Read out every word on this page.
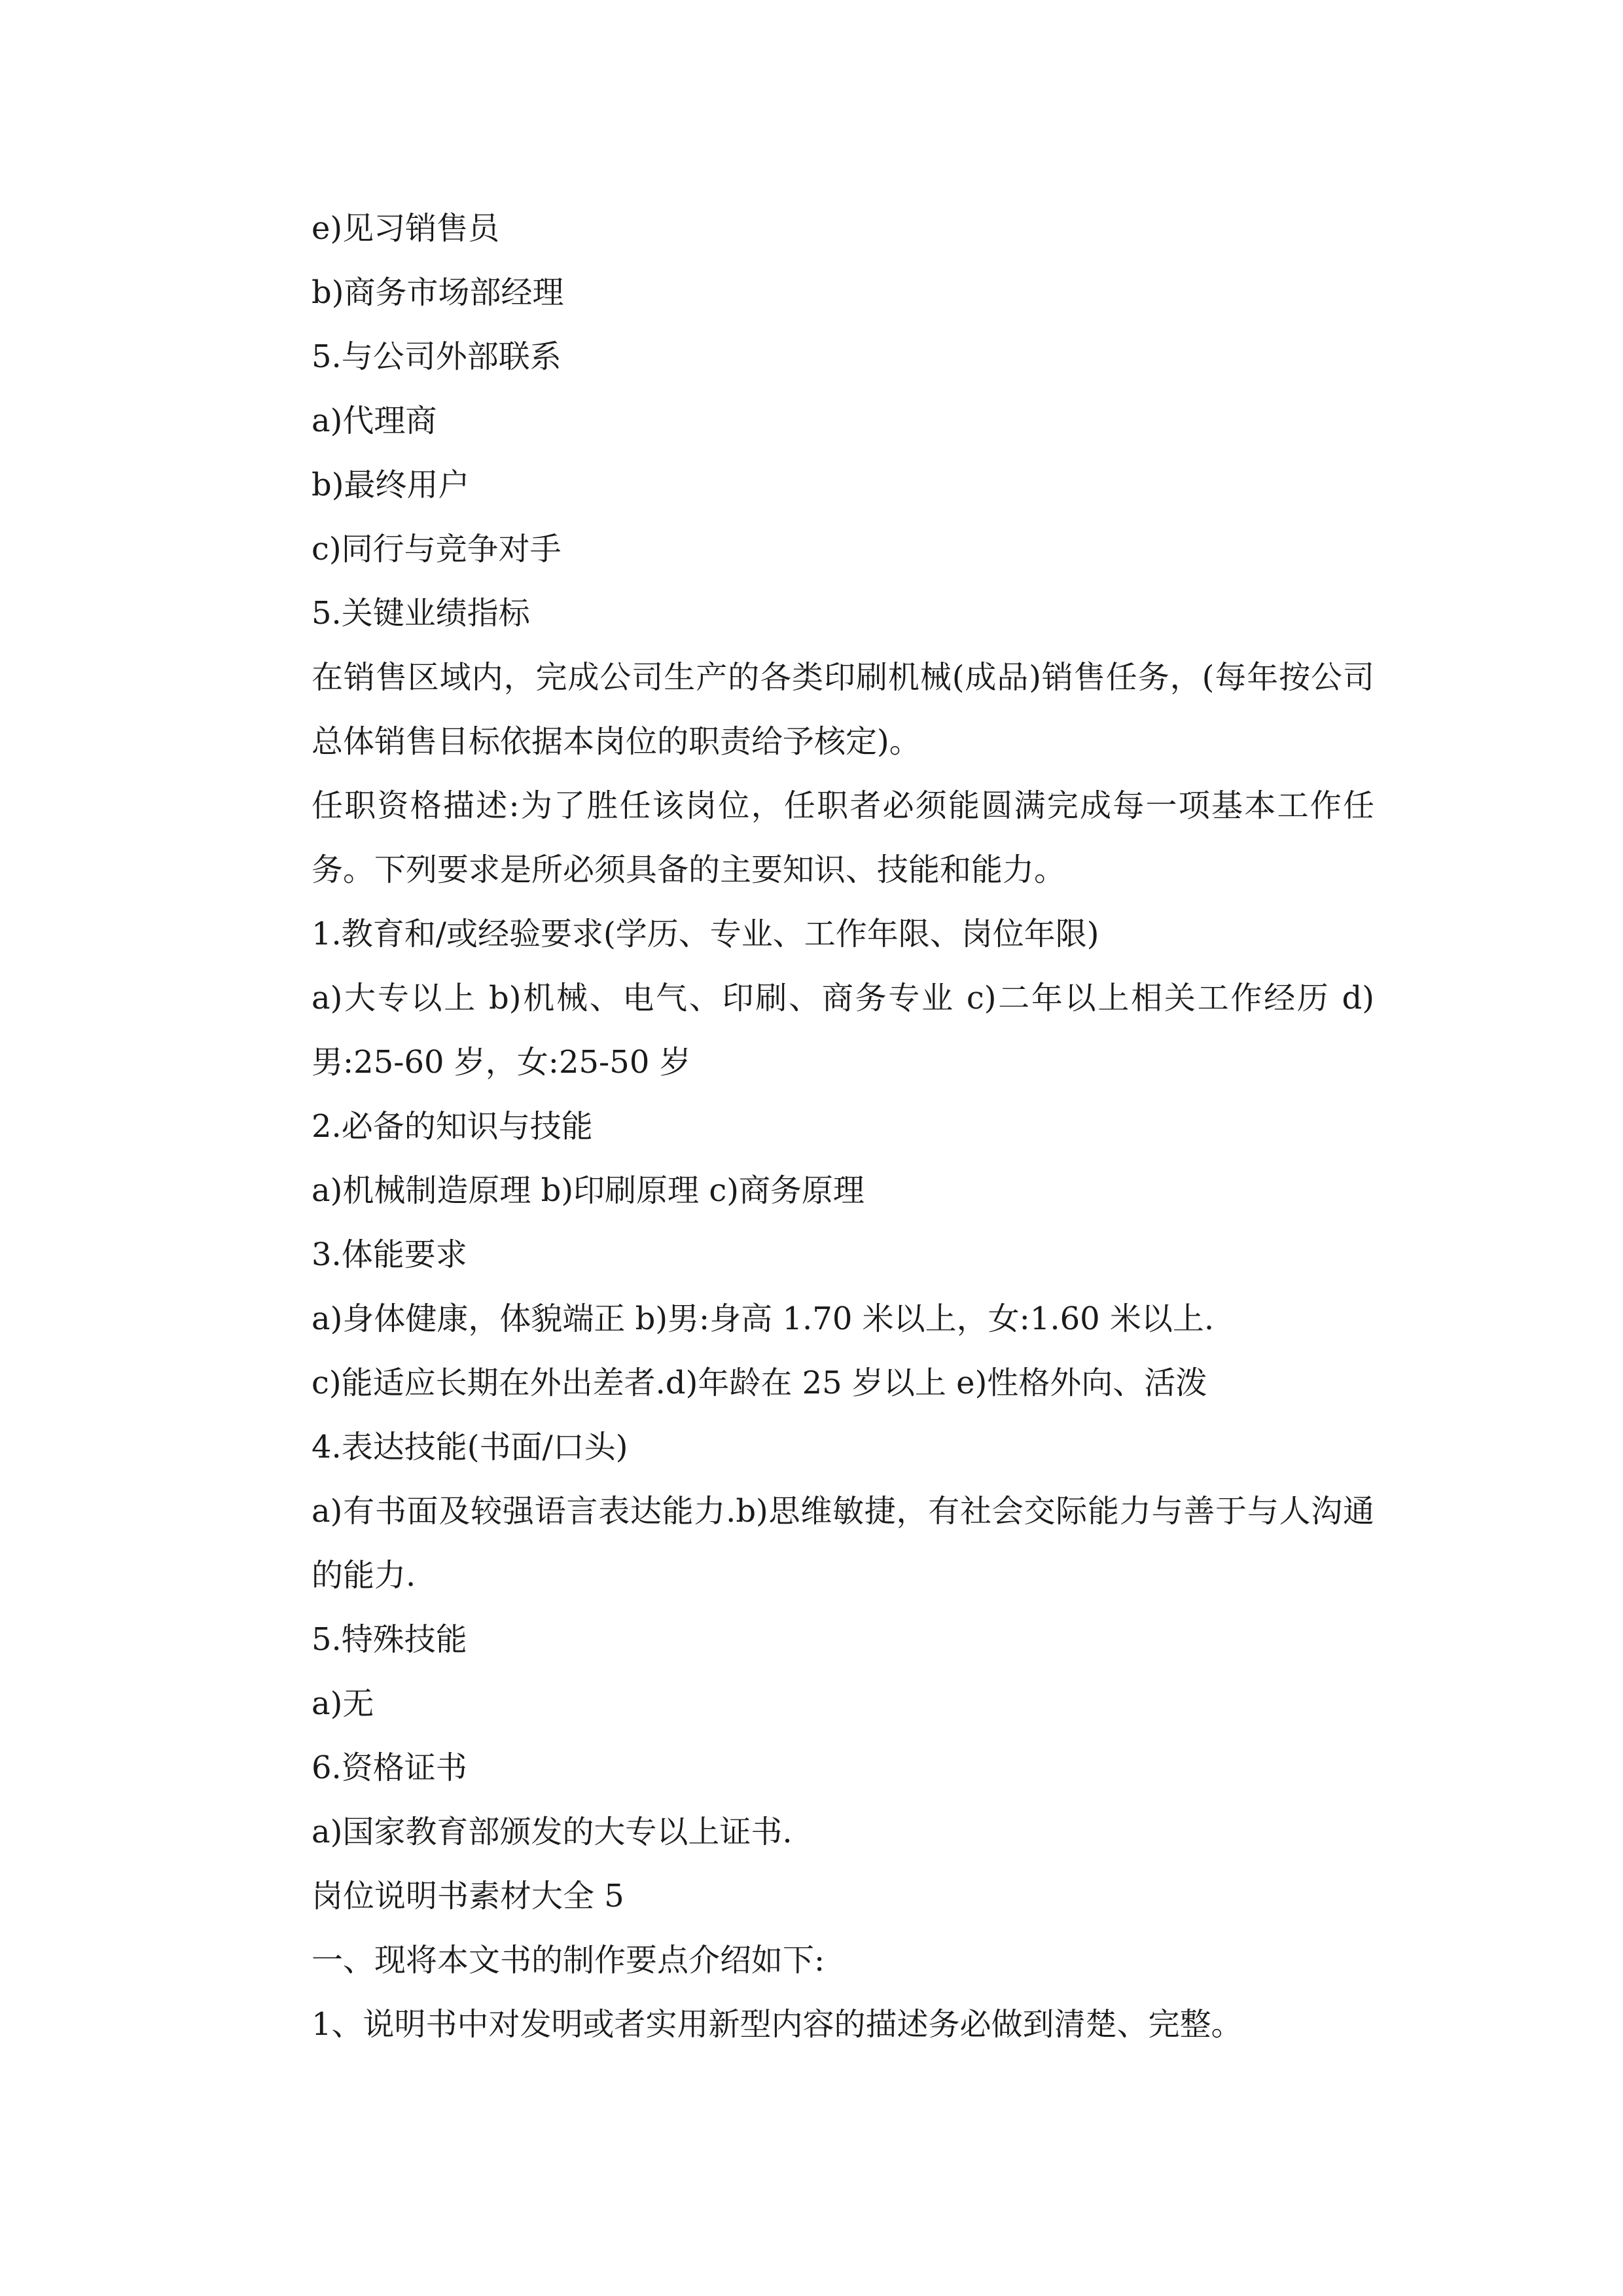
e)见习销售员

b)商务市场部经理

5.与公司外部联系

a)代理商

b)最终用户

c)同行与竞争对手

5.关键业绩指标

在销售区域内，完成公司生产的各类印刷机械(成品)销售任务，(每年按公司总体销售目标依据本岗位的职责给予核定)。

任职资格描述:为了胜任该岗位，任职者必须能圆满完成每一项基本工作任务。下列要求是所必须具备的主要知识、技能和能力。

1.教育和/或经验要求(学历、专业、工作年限、岗位年限)

a)大专以上 b)机械、电气、印刷、商务专业 c)二年以上相关工作经历 d)男:25-60 岁，女:25-50 岁

2.必备的知识与技能

a)机械制造原理 b)印刷原理 c)商务原理

3.体能要求

a)身体健康，体貌端正 b)男:身高 1.70 米以上，女:1.60 米以上.

c)能适应长期在外出差者.d)年龄在 25 岁以上 e)性格外向、活泼

4.表达技能(书面/口头)

a)有书面及较强语言表达能力.b)思维敏捷，有社会交际能力与善于与人沟通的能力.

5.特殊技能

a)无

6.资格证书

a)国家教育部颁发的大专以上证书.

岗位说明书素材大全 5

一、现将本文书的制作要点介绍如下:

1、说明书中对发明或者实用新型内容的描述务必做到清楚、完整。
